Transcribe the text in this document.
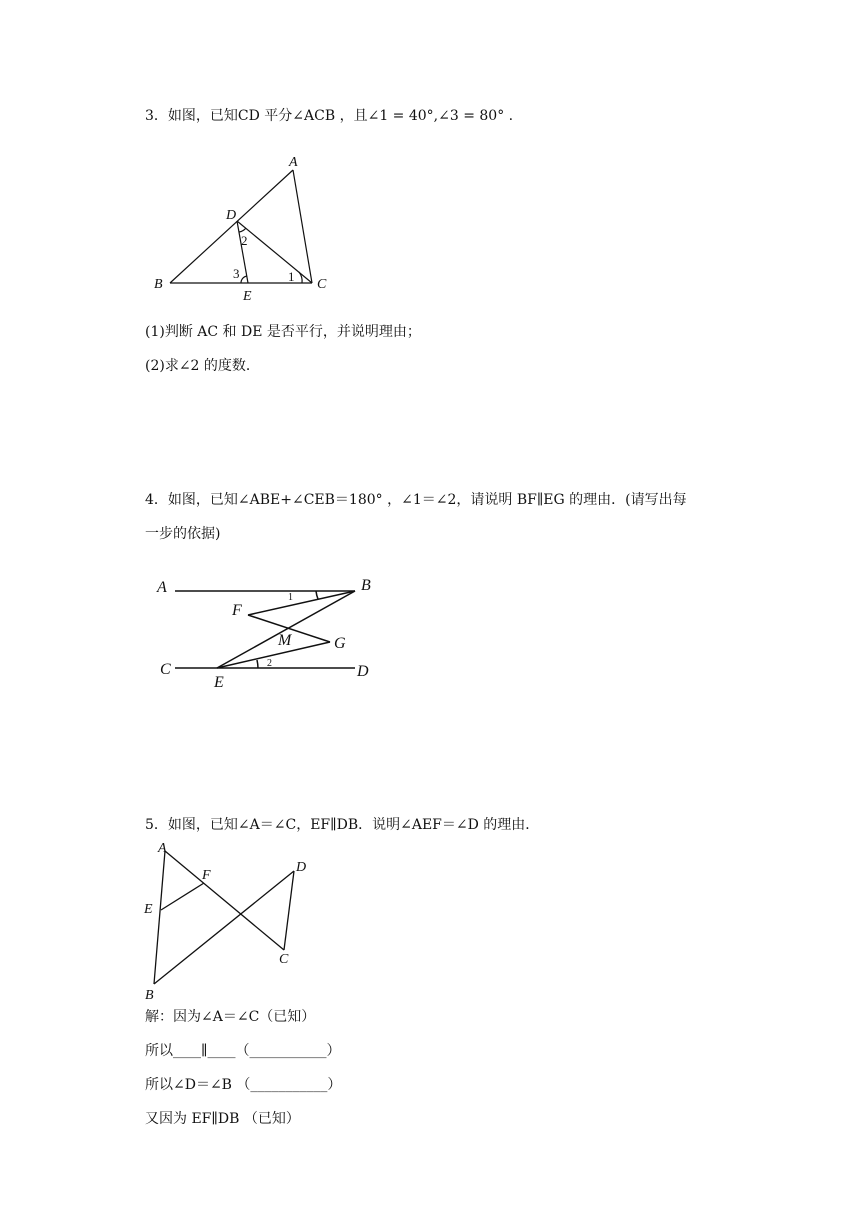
3．如图，已知CD 平分∠ACB ，且∠1 = 40°,∠3 = 80° .
A
B	C
D
E
1
2
3
(1)判断 AC 和 DE 是否平行，并说明理由；
(2)求∠2 的度数．
4．如图，已知∠ABE+∠CEB＝180° ，∠1＝∠2，请说明 BF∥EG 的理由．(请写出每
一步的依据)
A	B
C	D
E
F
G
M
1
2
5．如图，已知∠A＝∠C，EF∥DB．说明∠AEF＝∠D 的理由．
A
B
C
D
E
F
解：因为∠A＝∠C（已知）
所以____∥____（___________）
所以∠D＝∠B （___________）
又因为 EF∥DB （已知）
